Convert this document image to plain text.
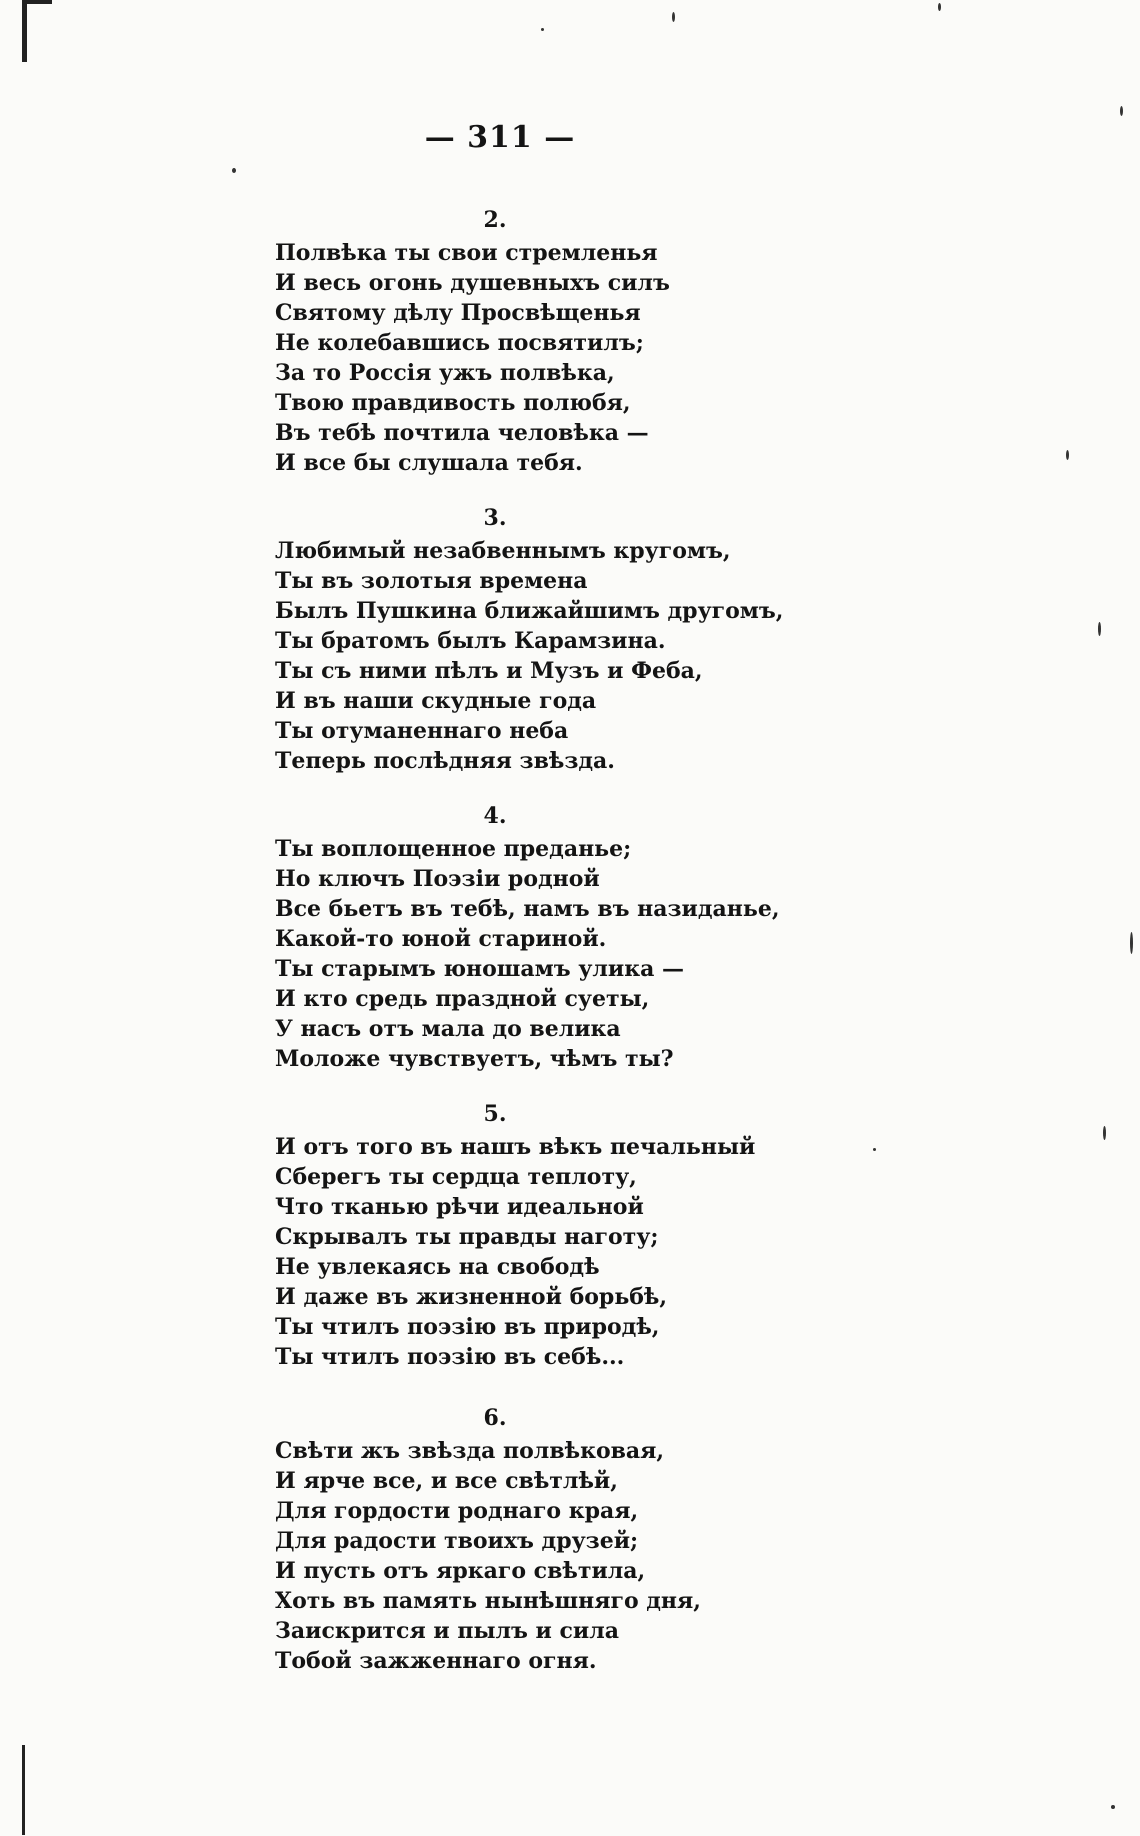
— 311 —
2.
Полвѣка ты свои стремленья
И весь огонь душевныхъ силъ
Святому дѣлу Просвѣщенья
Не колебавшись посвятилъ;
За то Россія ужъ полвѣка,
Твою правдивость полюбя,
Въ тебѣ почтила человѣка —
И все бы слушала тебя.
3.
Любимый незабвеннымъ кругомъ,
Ты въ золотыя времена
Былъ Пушкина ближайшимъ другомъ,
Ты братомъ былъ Карамзина.
Ты съ ними пѣлъ и Музъ и Феба,
И въ наши скудные года
Ты отуманеннаго неба
Теперь послѣдняя звѣзда.
4.
Ты воплощенное преданье;
Но ключъ Поэзіи родной
Все бьетъ въ тебѣ, намъ въ назиданье,
Какой-то юной стариной.
Ты старымъ юношамъ улика —
И кто средь праздной суеты,
У насъ отъ мала до велика
Моложе чувствуетъ, чѣмъ ты?
5.
И отъ того въ нашъ вѣкъ печальный
Сберегъ ты сердца теплоту,
Что тканью рѣчи идеальной
Скрывалъ ты правды наготу;
Не увлекаясь на свободѣ
И даже въ жизненной борьбѣ,
Ты чтилъ поэзію въ природѣ,
Ты чтилъ поэзію въ себѣ...
6.
Свѣти жъ звѣзда полвѣковая,
И ярче все, и все свѣтлѣй,
Для гордости роднаго края,
Для радости твоихъ друзей;
И пусть отъ яркаго свѣтила,
Хоть въ память нынѣшняго дня,
Заискрится и пылъ и сила
Тобой зажженнаго огня.
